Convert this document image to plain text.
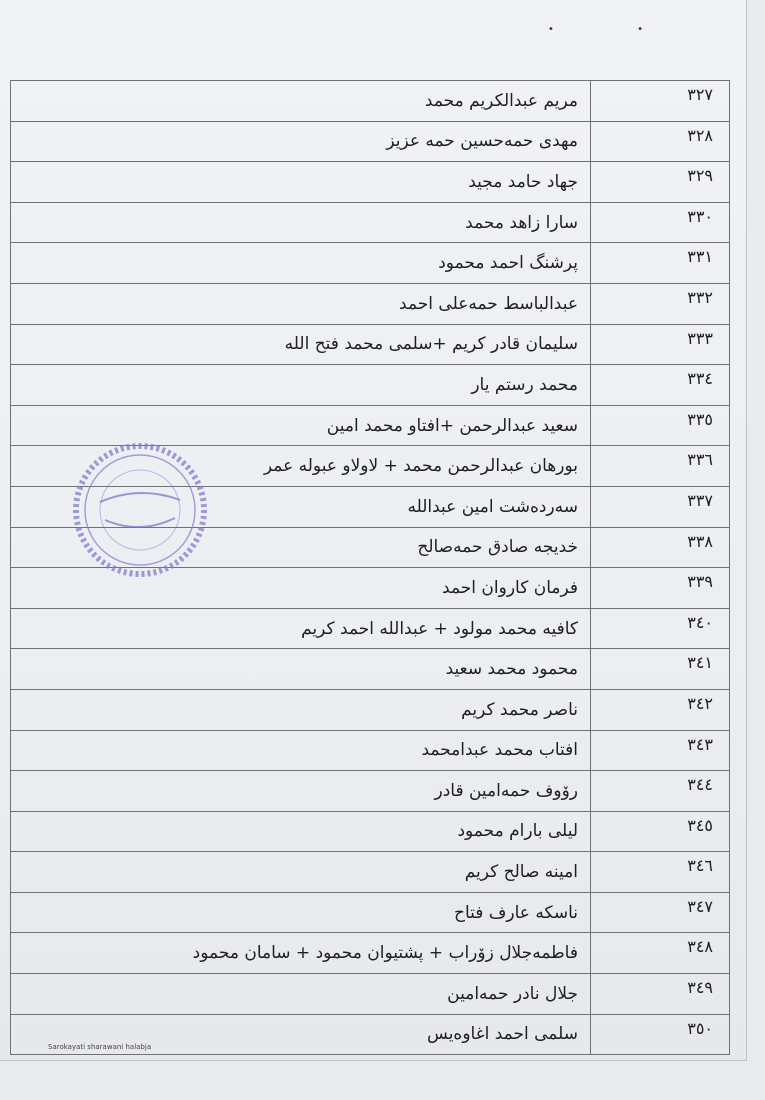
• •
٣٢٧	مريم عبدالكريم محمد
٣٢٨	مهدی حمەحسين حمه عزيز
٣٢٩	جهاد حامد مجيد
٣٣٠	سارا زاهد محمد
٣٣١	پرشنگ احمد محمود
٣٣٢	عبدالباسط حمەعلی احمد
٣٣٣	سليمان قادر كريم +سلمی محمد فتح الله
٣٣٤	محمد رستم يار
٣٣٥	سعيد عبدالرحمن +افتاو محمد امين
٣٣٦	بورهان عبدالرحمن محمد + لاولاو عبوله عمر
٣٣٧	سەردەشت امين عبدالله
٣٣٨	خديجه صادق حمەصالح
٣٣٩	فرمان كاروان احمد
٣٤٠	كافيه محمد مولود + عبدالله احمد كريم
٣٤١	محمود محمد سعيد
٣٤٢	ناصر محمد كريم
٣٤٣	افتاب محمد عبدامحمد
٣٤٤	رۆوف حمەامين قادر
٣٤٥	ليلی بارام محمود
٣٤٦	امينه صالح كريم
٣٤٧	ناسكه عارف فتاح
٣٤٨	فاطمەجلال زۆراب + پشتيوان محمود + سامان محمود
٣٤٩	جلال نادر حمەامين
٣٥٠	سلمی احمد اغاوەيس
Sarokayati sharawani halabja
